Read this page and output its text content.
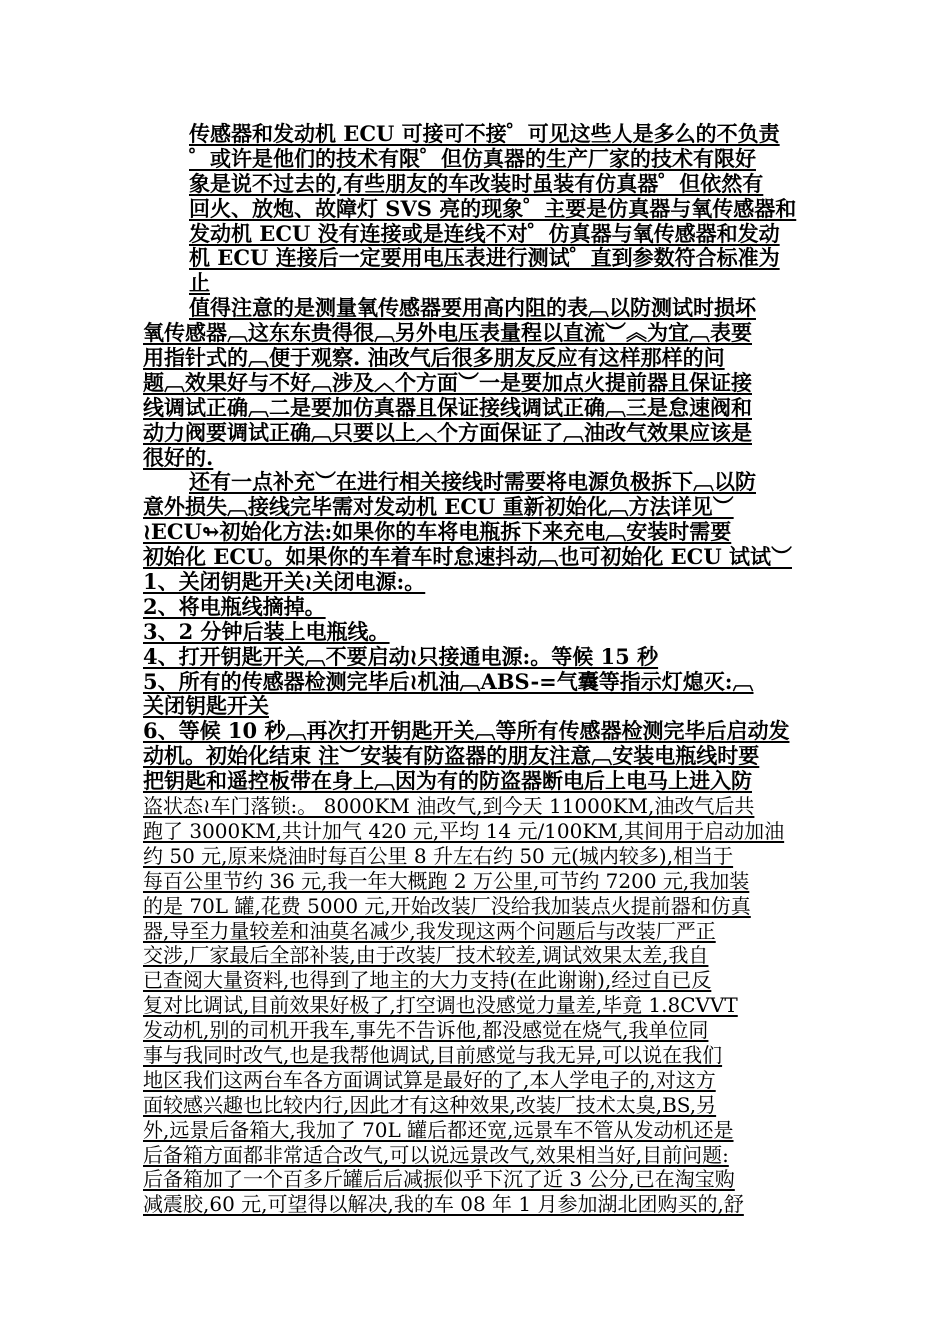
传感器和发动机 ECU 可接可不接゜可见这些人是多么的不负责
゜或许是他们的技术有限゜但仿真器的生产厂家的技术有限好
象是说不过去的,有些朋友的车改装时虽装有仿真器゜但依然有
回火、放炮、故障灯 SVS 亮的现象゜主要是仿真器与氧传感器和
发动机 ECU 没有连接或是连线不对゜仿真器与氧传感器和发动
机 ECU 连接后一定要用电压表进行测试゜直到参数符合标准为
止
值得注意的是测量氧传感器要用高内阻的表︹以防测试时损坏
氧传感器︹这东东贵得很︹另外电压表量程以直流︶︽为宜︹表要
用指针式的︹便于观察. 油改气后很多朋友反应有这样那样的问
题︹效果好与不好︹涉及︿个方面︶一是要加点火提前器且保证接
线调试正确︹二是要加仿真器且保证接线调试正确︹三是怠速阀和
动力阀要调试正确︹只要以上︿个方面保证了︹油改气效果应该是
很好的.
还有一点补充︶在进行相关接线时需要将电源负极拆下︹以防
意外损失︹接线完毕需对发动机 ECU 重新初始化︹方法详见︶
≀ECU↬初始化方法:如果你的车将电瓶拆下来充电︹安装时需要
初始化 ECU。如果你的车着车时怠速抖动︹也可初始化 ECU 试试︶
1、关闭钥匙开关≀关闭电源:。
2、将电瓶线摘掉。
3、2 分钟后装上电瓶线。
4、打开钥匙开关︹不要启动≀只接通电源:。等候 15 秒
5、所有的传感器检测完毕后≀机油︹ABS-=气囊等指示灯熄灭:︹
关闭钥匙开关
6、等候 10 秒︹再次打开钥匙开关︹等所有传感器检测完毕后启动发
动机。初始化结束 注︶安装有防盗器的朋友注意︹安装电瓶线时要
把钥匙和遥控板带在身上︹因为有的防盗器断电后上电马上进入防
盗状态≀车门落锁:。 8000KM 油改气,到今天 11000KM,油改气后共
跑了 3000KM,共计加气 420 元,平均 14 元/100KM,其间用于启动加油
约 50 元,原来烧油时每百公里 8 升左右约 50 元(城内较多),相当于
每百公里节约 36 元,我一年大概跑 2 万公里,可节约 7200 元,我加装
的是 70L 罐,花费 5000 元,开始改装厂没给我加装点火提前器和仿真
器,导至力量较差和油莫名减少,我发现这两个问题后与改装厂严正
交涉,厂家最后全部补装,由于改装厂技术较差,调试效果太差,我自
已查阅大量资料,也得到了地主的大力支持(在此谢谢),经过自已反
复对比调试,目前效果好极了,打空调也没感觉力量差,毕竟 1.8CVVT
发动机,别的司机开我车,事先不告诉他,都没感觉在烧气,我单位同
事与我同时改气,也是我帮他调试,目前感觉与我无异,可以说在我们
地区我们这两台车各方面调试算是最好的了,本人学电子的,对这方
面较感兴趣也比较内行,因此才有这种效果,改装厂技术太臭,BS,另
外,远景后备箱大,我加了 70L 罐后都还宽,远景车不管从发动机还是
后备箱方面都非常适合改气,可以说远景改气,效果相当好,目前问题:
后备箱加了一个百多斤罐后后减振似乎下沉了近 3 公分,已在淘宝购
减震胶,60 元,可望得以解决,我的车 08 年 1 月参加湖北团购买的,舒
